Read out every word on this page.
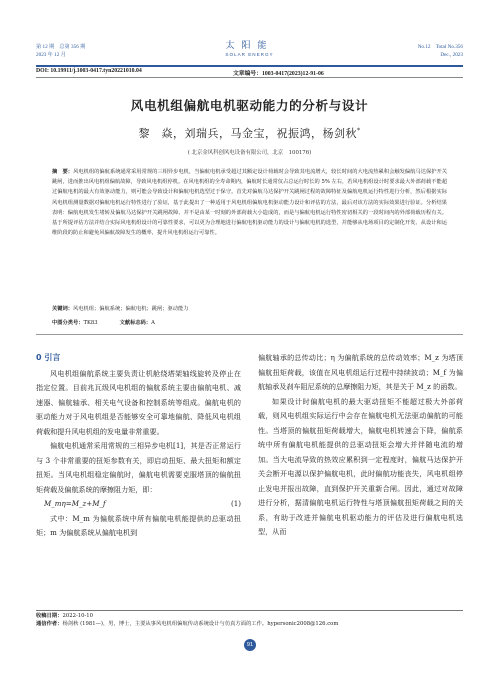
第 12 期　总第 356 期
2023 年 12 月
太阳能
SOLAR ENERGY
No.12　Total No.356
Dec., 2023
DOI: 10.19911/j.1003-0417.tyn20221010.04	文章编号：1003-0417(2023)12-91-06
风电机组偏航电机驱动能力的分析与设计
黎　焱，刘瑞兵，马金宝，祝振鸿，杨剑秋*
( 北京金风科创风电设备有限公司，北京　100176)
摘　要：风电机组的偏航系统通常采用常规的三相异步电机，当偏航电机承受超过其额定设计荷载时会导致其电流增大，较长时间的大电流热累积会触发偏航马达保护开关跳闸，进而推出风电机组偏航故障，导致风电机组停机。在风电机组的全寿命期内，偏航时长通常仅占总运行时长的 5% 左右，若风电机组设计时要求最大外部荷载不能超过偏航电机的最大有效驱动能力，则可能会导致设计和偏航电机选型过于保守。首先对偏航马达保护开关跳闸过程的故障特征及偏航电机运行特性进行分析，然后根据实际风电机组测量数据对偏航电机运行特性进行了验证，基于此提出了一种适用于风电机组偏航电机驱动能力设计和评估的方法，最后对该方法的实际效果进行验证。分析结果表明：偏航电机发生堵转及偏航马达保护开关跳闸故障，并不是由某一时刻的外部荷载大小造成的，而是与偏航电机运行特性密切相关的一段时间内的外部荷载历程有关。基于所提评估方法并结合实际风电机组设计的可靠性要求，可以更为合理地进行偏航电机驱动能力的设计与偏航电机的选型，并能够从电场项目的定制化开发、从设计和运维阶段的防止和避免风偏航故障发生的概率，提升风电机组运行可靠性。
关键词：风电机组；偏航系统；偏航电机；跳闸；驱动能力
中图分类号：TK83	文献标志码：A
0 引言
风电机组偏航系统主要负责让机舱绕塔架轴线旋转及停止在指定位置。目前兆瓦级风电机组的偏航系统主要由偏航电机、减速器、偏航轴承、相关电气设备和控制系统等组成。偏航电机的驱动能力对于风电机组是否能够安全可靠地偏航、降低风电机组荷载和提升风电机组的发电量非常重要。
偏航电机通常采用常规的三相异步电机[1]，其是否正常运行与 3 个非常重要的扭矩参数有关，即启动扭矩、最大扭矩和额定扭矩。当风电机组稳定偏航时，偏航电机需要克服塔顶的偏航扭矩荷载及偏航系统的摩擦阻力矩，即：
M_mη=M_z+M_f	(1)
式中：M_m 为偏航系统中所有偏航电机能提供的总驱动扭矩；m 为偏航系统从偏航电机到
偏航轴承的总传动比；η 为偏航系统的总传动效率；M_z 为塔顶偏航扭矩荷载，该值在风电机组运行过程中持续波动；M_f 为偏航轴承及刹车阻尼系统的总摩擦阻力矩，其是关于 M_z 的函数。
如果设计时偏航电机的最大驱动扭矩不能超过极大外部荷载，则风电机组实际运行中会存在偏航电机无法驱动偏航的可能性。当塔顶的偏航扭矩荷载增大，偏航电机转速会下降，偏航系统中所有偏航电机能提供的总驱动扭矩会增大并伴随电流的增加。当大电流导致的热效应累积到一定程度时，偏航马达保护开关会断开电源以保护偏航电机，此时偏航功能丧失，风电机组停止发电并报出故障，直到保护开关重新合闸。因此，通过对故障进行分析，据清偏航电机运行特性与塔顶偏航扭矩荷载之间的关系，有助于改进并偏航电机驱动能力的评估及进行偏航电机选型，从而
收稿日期：2022-10-10
通信作者：杨剑秋 (1981—)，男，博士，主要从事风电机组偏航传动系统设计与仿真方面的工作。hypersonic2008@126.com
91
